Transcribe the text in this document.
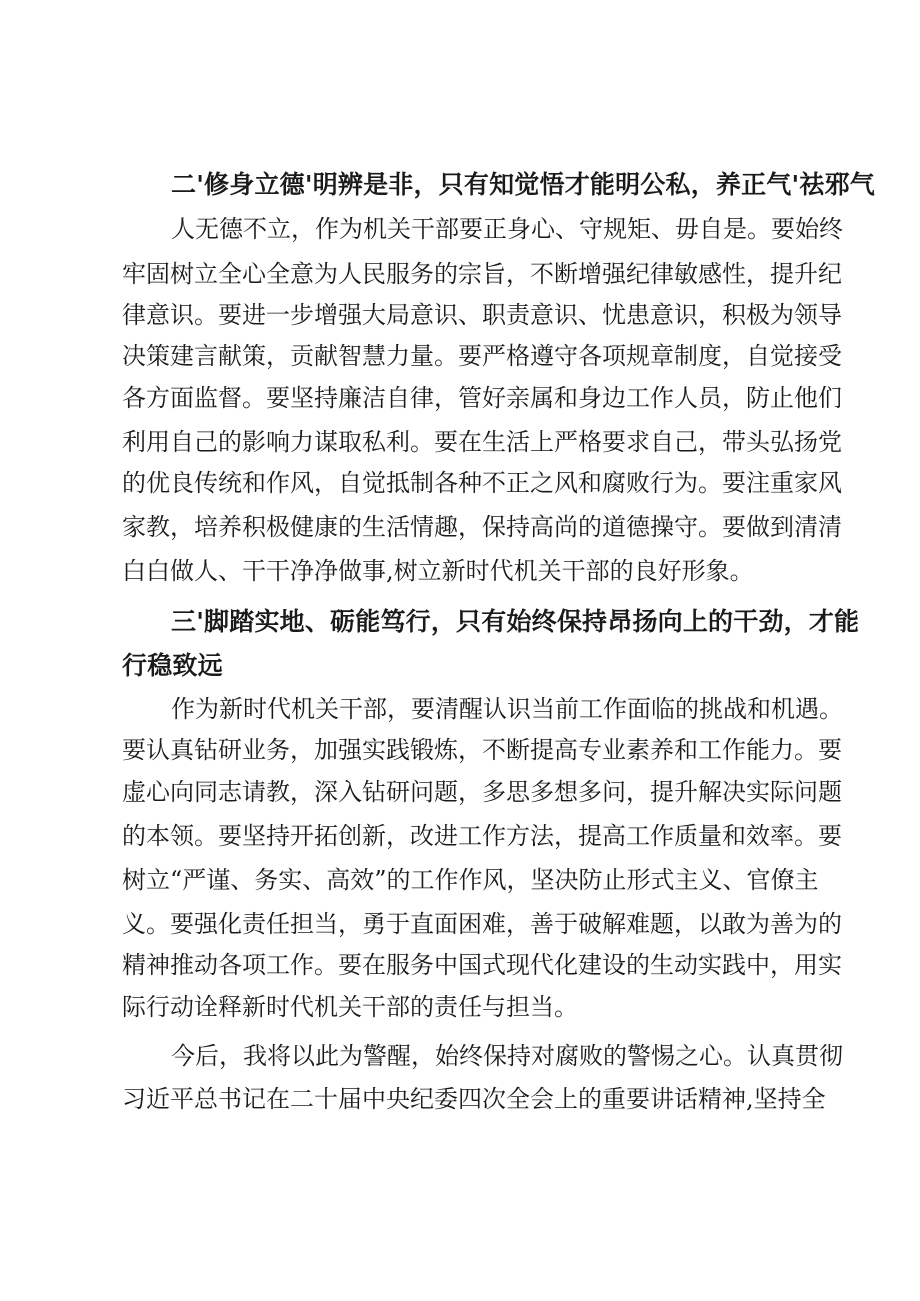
二'修身立德'明辨是非，只有知觉悟才能明公私，养正气'祛邪气
人无德不立，作为机关干部要正身心、守规矩、毋自是。要始终
牢固树立全心全意为人民服务的宗旨，不断增强纪律敏感性，提升纪
律意识。要进一步增强大局意识、职责意识、忧患意识，积极为领导
决策建言献策，贡献智慧力量。要严格遵守各项规章制度，自觉接受
各方面监督。要坚持廉洁自律，管好亲属和身边工作人员，防止他们
利用自己的影响力谋取私利。要在生活上严格要求自己，带头弘扬党
的优良传统和作风，自觉抵制各种不正之风和腐败行为。要注重家风
家教，培养积极健康的生活情趣，保持高尚的道德操守。要做到清清
白白做人、干干净净做事,树立新时代机关干部的良好形象。
三'脚踏实地、砺能笃行，只有始终保持昂扬向上的干劲，才能
行稳致远
作为新时代机关干部，要清醒认识当前工作面临的挑战和机遇。
要认真钻研业务，加强实践锻炼，不断提高专业素养和工作能力。要
虚心向同志请教，深入钻研问题，多思多想多问，提升解决实际问题
的本领。要坚持开拓创新，改进工作方法，提高工作质量和效率。要
树立“严谨、务实、高效”的工作作风，坚决防止形式主义、官僚主
义。要强化责任担当，勇于直面困难，善于破解难题，以敢为善为的
精神推动各项工作。要在服务中国式现代化建设的生动实践中，用实
际行动诠释新时代机关干部的责任与担当。
今后，我将以此为警醒，始终保持对腐败的警惕之心。认真贯彻
习近平总书记在二十届中央纪委四次全会上的重要讲话精神,坚持全
